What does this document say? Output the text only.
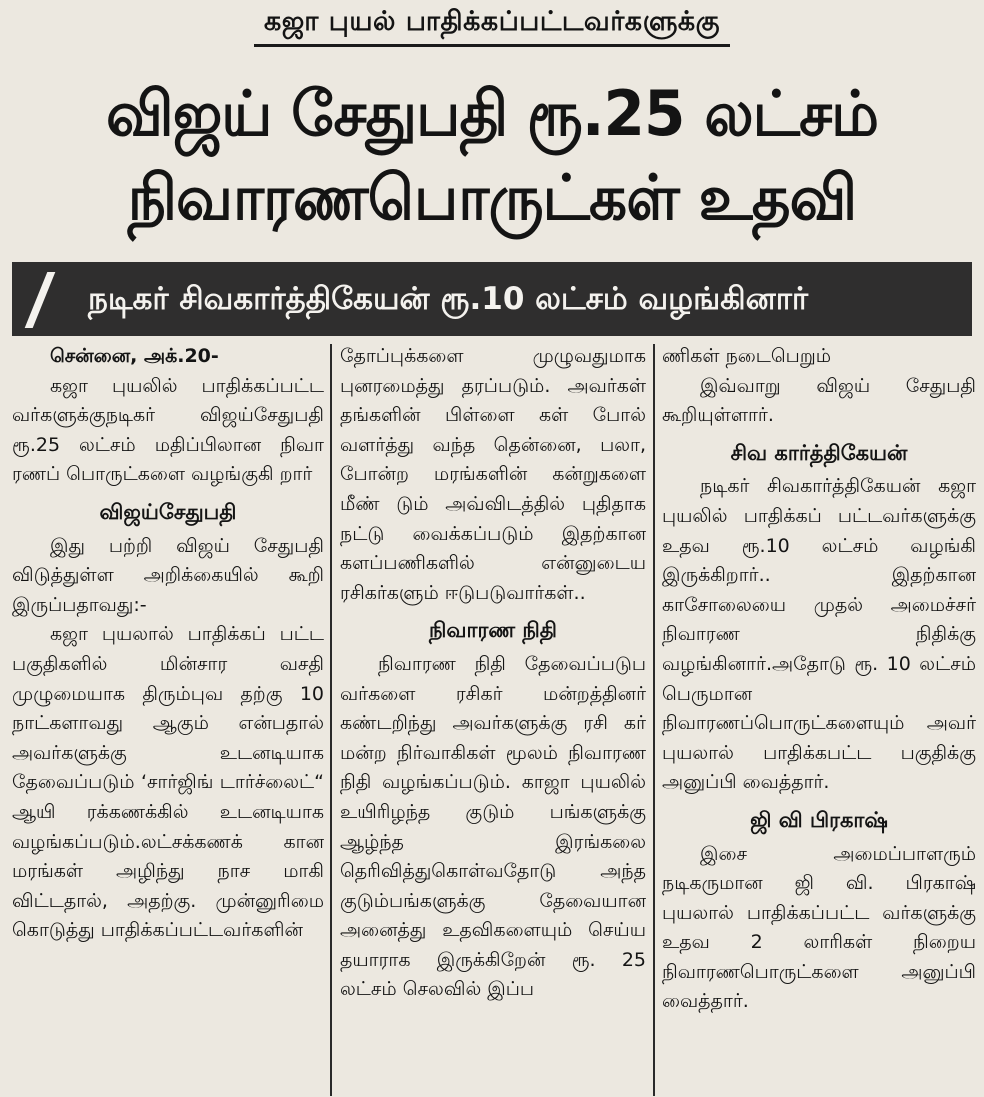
கஜா புயல் பாதிக்கப்பட்டவர்களுக்கு
விஜய் சேதுபதி ரூ.25 லட்சம்
நிவாரணபொருட்கள் உதவி
நடிகர் சிவகார்த்திகேயன் ரூ.10 லட்சம் வழங்கினார்

சென்னை, அக்.20-

கஜா புயலில் பாதிக்கப்பட்ட வர்களுக்குநடிகர் விஜய்சேதுபதி ரூ.25 லட்சம் மதிப்பிலான நிவா ரணப் பொருட்களை வழங்குகி றார்

விஜய்சேதுபதி

இது பற்றி விஜய் சேதுபதி விடுத்துள்ள அறிக்கையில் கூறி இருப்பதாவது:-

கஜா புயலால் பாதிக்கப் பட்ட பகுதிகளில் மின்சார வசதி முழுமையாக திரும்புவ தற்கு 10 நாட்களாவது ஆகும் என்பதால் அவர்களுக்கு உடனடியாக தேவைப்படும் ‘சார்ஜிங் டார்ச்லைட்“ ஆயி ரக்கணக்கில் உடனடியாக வழங்கப்படும்.லட்சக்கணக் கான மரங்கள் அழிந்து நாச மாகி விட்டதால், அதற்கு. முன்னுரிமை கொடுத்து பாதிக்கப்பட்டவர்களின்

தோப்புக்களை முழுவதுமாக புனரமைத்து தரப்படும். அவர்கள் தங்களின் பிள்ளை கள் போல் வளர்த்து வந்த தென்னை, பலா, போன்ற மரங்களின் கன்றுகளை மீண் டும் அவ்விடத்தில் புதிதாக நட்டு வைக்கப்படும் இதற்கான களப்பணிகளில் என்னுடைய ரசிகர்களும் ஈடுபடுவார்கள்..

நிவாரண நிதி

நிவாரண நிதி தேவைப்படுப வர்களை ரசிகர் மன்றத்தினர் கண்டறிந்து அவர்களுக்கு ரசி கர் மன்ற நிர்வாகிகள் மூலம் நிவாரண நிதி வழங்கப்படும். காஜா புயலில் உயிரிழந்த குடும் பங்களுக்கு ஆழ்ந்த இரங்கலை தெரிவித்துகொள்வதோடு அந்த குடும்பங்களுக்கு தேவையான அனைத்து உதவிகளையும் செய்ய தயாராக இருக்கிறேன் ரூ. 25 லட்சம் செலவில் இப்ப

ணிகள் நடைபெறும்

இவ்வாறு விஜய் சேதுபதி கூறியுள்ளார்.

சிவ கார்த்திகேயன்

நடிகர் சிவகார்த்திகேயன் கஜா புயலில் பாதிக்கப் பட்டவர்களுக்கு உதவ ரூ.10 லட்சம் வழங்கி இருக்கிறார்.. இதற்கான காசோலையை முதல் அமைச்சர் நிவாரண நிதிக்கு வழங்கினார்.அதோடு ரூ. 10 லட்சம் பெருமான நிவாரணப்பொருட்களையும் அவர் புயலால் பாதிக்கபட்ட பகுதிக்கு அனுப்பி வைத்தார்.

ஜி வி பிரகாஷ்

இசை அமைப்பாளரும் நடிகருமான ஜி வி. பிரகாஷ் புயலால் பாதிக்கப்பட்ட வர்களுக்கு உதவ 2 லாரிகள் நிறைய நிவாரணபொருட்களை அனுப்பி வைத்தார்.
